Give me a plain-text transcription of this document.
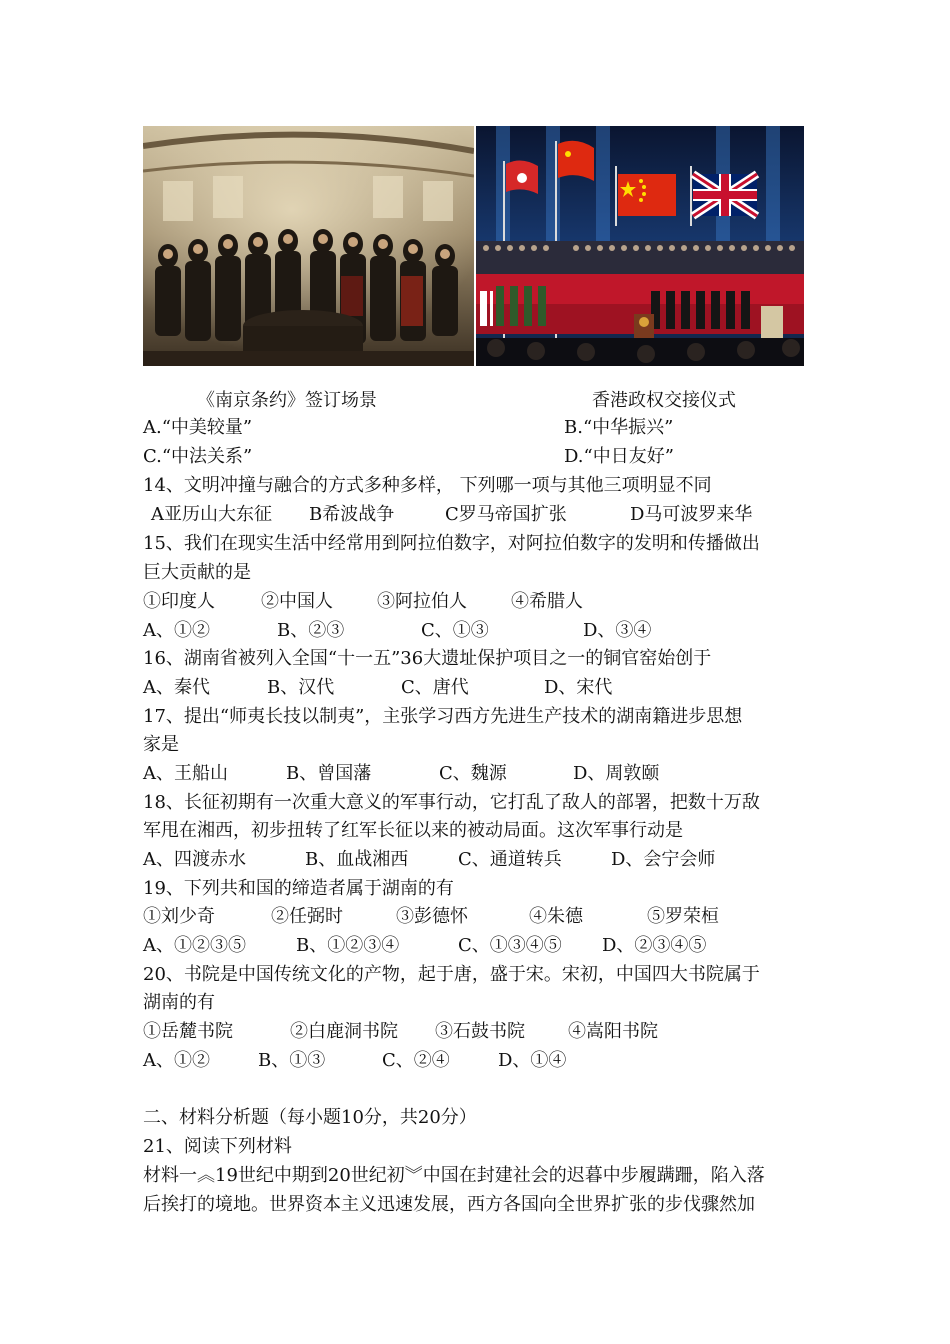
《南京条约》签订场景	香港政权交接仪式
A.“中美较量”	B.“中华振兴”
C.“中法关系”	D.“中日友好”
14、文明冲撞与融合的方式多种多样， 下列哪一项与其他三项明显不同
A亚历山大东征 B希波战争	C罗马帝国扩张	D马可波罗来华
15、我们在现实生活中经常用到阿拉伯数字，对阿拉伯数字的发明和传播做出
巨大贡献的是
①印度人	②中国人 ③阿拉伯人 ④希腊人
A、①②	B、②③	C、①③	D、③④
16、湖南省被列入全国“十一五”36大遗址保护项目之一的铜官窑始创于
A、秦代	B、汉代	C、唐代	D、宋代
17、提出“师夷长技以制夷”，主张学习西方先进生产技术的湖南籍进步思想
家是
A、王船山	B、曾国藩	C、魏源	D、周敦颐
18、长征初期有一次重大意义的军事行动，它打乱了敌人的部署，把数十万敌
军甩在湘西，初步扭转了红军长征以来的被动局面。这次军事行动是
A、四渡赤水	B、血战湘西	C、通道转兵	D、会宁会师
19、下列共和国的缔造者属于湖南的有
①刘少奇	②任弼时	③彭德怀	④朱德	⑤罗荣桓
A、①②③⑤	B、①②③④	C、①③④⑤ D、②③④⑤
20、书院是中国传统文化的产物，起于唐，盛于宋。宋初，中国四大书院属于
湖南的有
①岳麓书院	②白鹿洞书院 ③石鼓书院 ④嵩阳书院
A、①②	B、①③	C、②④	D、①④
二、材料分析题（每小题10分，共20分）
21、阅读下列材料
材料一︽19世纪中期到20世纪初︾中国在封建社会的迟暮中步履蹒跚，陷入落
后挨打的境地。世界资本主义迅速发展，西方各国向全世界扩张的步伐骤然加
